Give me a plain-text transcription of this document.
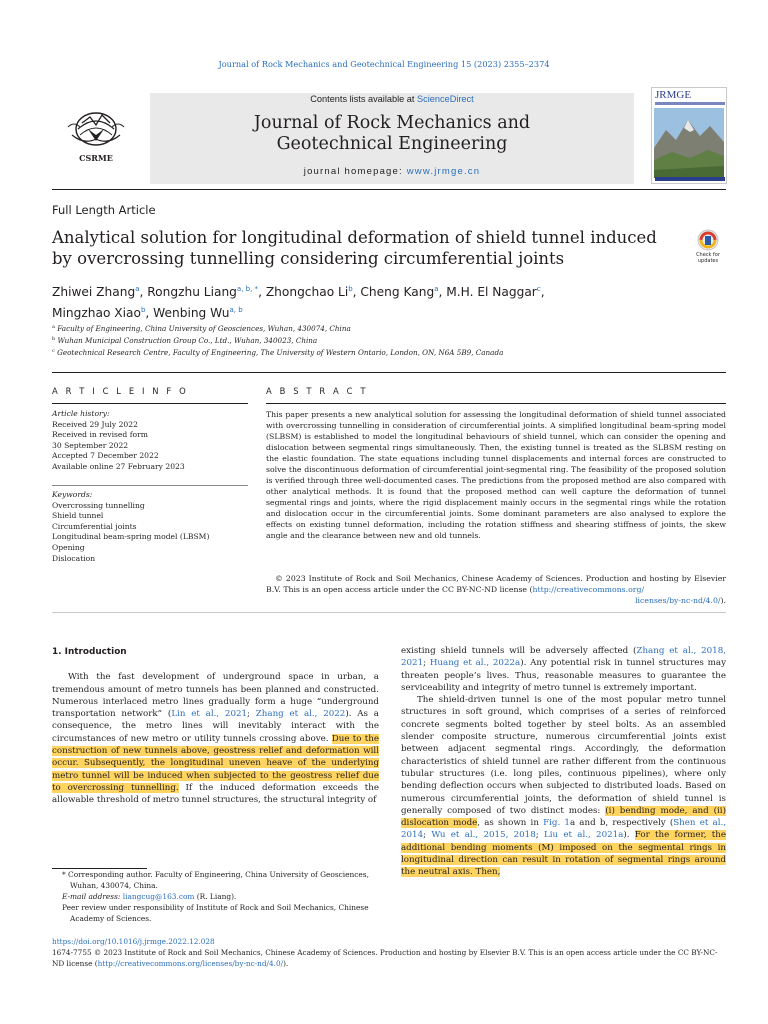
Journal of Rock Mechanics and Geotechnical Engineering 15 (2023) 2355–2374
CSRME
Contents lists available at ScienceDirect
Journal of Rock Mechanics and
Geotechnical Engineering
journal homepage: www.jrmge.cn
JRMGE
Full Length Article
Analytical solution for longitudinal deformation of shield tunnel induced by overcrossing tunnelling considering circumferential joints	Check for
updates
Zhiwei Zhang$^a$, Rongzhu Liang$^{a, b, *}$, Zhongchao Li$^b$, Cheng Kang$^a$, M.H. El Naggar$^c$,
Mingzhao Xiao$^b$, Wenbing Wu$^{a, b}$
$^a$ Faculty of Engineering, China University of Geosciences, Wuhan, 430074, China
$^b$ Wuhan Municipal Construction Group Co., Ltd., Wuhan, 340023, China
$^c$ Geotechnical Research Centre, Faculty of Engineering, The University of Western Ontario, London, ON, N6A 5B9, Canada
A R T I C L E I N F O	A B S T R A C T
Article history:
Received 29 July 2022
Received in revised form
30 September 2022
Accepted 7 December 2022
Available online 27 February 2023
Keywords:
Overcrossing tunnelling
Shield tunnel
Circumferential joints
Longitudinal beam-spring model (LBSM)
Opening
Dislocation
This paper presents a new analytical solution for assessing the longitudinal deformation of shield tunnel associated with overcrossing tunnelling in consideration of circumferential joints. A simplified longitudinal beam-spring model (SLBSM) is established to model the longitudinal behaviours of shield tunnel, which can consider the opening and dislocation between segmental rings simultaneously. Then, the existing tunnel is treated as the SLBSM resting on the elastic foundation. The state equations including tunnel displacements and internal forces are constructed to solve the discontinuous deformation of circumferential joint-segmental ring. The feasibility of the proposed solution is verified through three well-documented cases. The predictions from the proposed method are also compared with other analytical methods. It is found that the proposed method can well capture the deformation of tunnel segmental rings and joints, where the rigid displacement mainly occurs in the segmental rings while the rotation and dislocation occur in the circumferential joints. Some dominant parameters are also analysed to explore the effects on existing tunnel deformation, including the rotation stiffness and shearing stiffness of joints, the skew angle and the clearance between new and old tunnels.
© 2023 Institute of Rock and Soil Mechanics, Chinese Academy of Sciences. Production and hosting by Elsevier B.V. This is an open access article under the CC BY-NC-ND license (http://creativecommons.org/
licenses/by-nc-nd/4.0/).
1. Introduction

With the fast development of underground space in urban, a tremendous amount of metro tunnels has been planned and constructed. Numerous interlaced metro lines gradually form a huge “underground transportation network” (Lin et al., 2021; Zhang et al., 2022). As a consequence, the metro lines will inevitably interact with the circumstances of new metro or utility tunnels crossing above. Due to the construction of new tunnels above, geostress relief and deformation will occur. Subsequently, the longitudinal uneven heave of the underlying metro tunnel will be induced when subjected to the geostress relief due to overcrossing tunnelling. If the induced deformation exceeds the allowable threshold of metro tunnel structures, the structural integrity of

existing shield tunnels will be adversely affected (Zhang et al., 2018, 2021; Huang et al., 2022a). Any potential risk in tunnel structures may threaten people’s lives. Thus, reasonable measures to guarantee the serviceability and integrity of metro tunnel is extremely important.

The shield-driven tunnel is one of the most popular metro tunnel structures in soft ground, which comprises of a series of reinforced concrete segments bolted together by steel bolts. As an assembled slender composite structure, numerous circumferential joints exist between adjacent segmental rings. Accordingly, the deformation characteristics of shield tunnel are rather different from the continuous tubular structures (i.e. long piles, continuous pipelines), where only bending deflection occurs when subjected to distributed loads. Based on numerous circumferential joints, the deformation of shield tunnel is generally composed of two distinct modes: (i) bending mode, and (ii) dislocation mode, as shown in Fig. 1a and b, respectively (Shen et al., 2014; Wu et al., 2015, 2018; Liu et al., 2021a). For the former, the additional bending moments (M) imposed on the segmental rings in longitudinal direction can result in rotation of segmental rings around the neutral axis. Then,

* Corresponding author. Faculty of Engineering, China University of Geosciences, Wuhan, 430074, China.
E-mail address: liangcug@163.com (R. Liang).
Peer review under responsibility of Institute of Rock and Soil Mechanics, Chinese Academy of Sciences.
https://doi.org/10.1016/j.jrmge.2022.12.028
1674-7755 © 2023 Institute of Rock and Soil Mechanics, Chinese Academy of Sciences. Production and hosting by Elsevier B.V. This is an open access article under the CC BY-NC-ND license (http://creativecommons.org/licenses/by-nc-nd/4.0/).
